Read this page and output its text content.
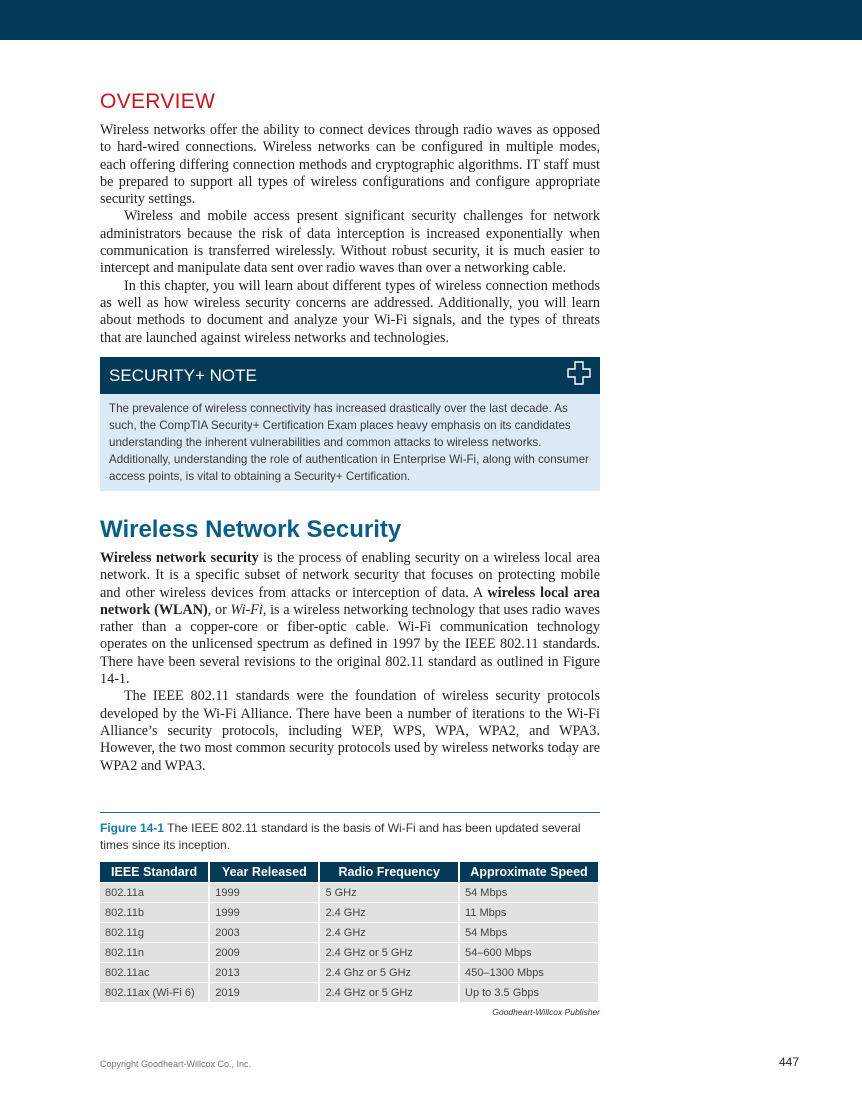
OVERVIEW

Wireless networks offer the ability to connect devices through radio waves as opposed to hard-wired connections. Wireless networks can be configured in multiple modes, each offering differing connection methods and cryptographic algorithms. IT staff must be prepared to support all types of wireless configurations and configure appropriate security settings.

Wireless and mobile access present significant security challenges for network administrators because the risk of data interception is increased exponentially when communication is transferred wirelessly. Without robust security, it is much easier to intercept and manipulate data sent over radio waves than over a networking cable.

In this chapter, you will learn about different types of wireless connection methods as well as how wireless security concerns are addressed. Additionally, you will learn about methods to document and analyze your Wi-Fi signals, and the types of threats that are launched against wireless networks and technologies.

SECURITY+ NOTE
The prevalence of wireless connectivity has increased drastically over the last decade. As such, the CompTIA Security+ Certification Exam places heavy emphasis on its candidates understanding the inherent vulnerabilities and common attacks to wireless networks. Additionally, understanding the role of authentication in Enterprise Wi-Fi, along with consumer access points, is vital to obtaining a Security+ Certification.
Wireless Network Security

Wireless network security is the process of enabling security on a wireless local area network. It is a specific subset of network security that focuses on protecting mobile and other wireless devices from attacks or interception of data. A wireless local area network (WLAN), or Wi-Fi, is a wireless networking technology that uses radio waves rather than a copper-core or fiber-optic cable. Wi-Fi communication technology operates on the unlicensed spectrum as defined in 1997 by the IEEE 802.11 standards. There have been several revisions to the original 802.11 standard as outlined in Figure 14-1.

The IEEE 802.11 standards were the foundation of wireless security protocols developed by the Wi-Fi Alliance. There have been a number of iterations to the Wi-Fi Alliance’s security protocols, including WEP, WPS, WPA, WPA2, and WPA3. However, the two most common security protocols used by wireless networks today are WPA2 and WPA3.

Figure 14-1 The IEEE 802.11 standard is the basis of Wi-Fi and has been updated several times since its inception.
IEEE Standard	Year Released	Radio Frequency	Approximate Speed
802.11a	1999	5 GHz	54 Mbps
802.11b	1999	2.4 GHz	11 Mbps
802.11g	2003	2.4 GHz	54 Mbps
802.11n	2009	2.4 GHz or 5 GHz	54–600 Mbps
802.11ac	2013	2.4 Ghz or 5 GHz	450–1300 Mbps
802.11ax (Wi-Fi 6)	2019	2.4 GHz or 5 GHz	Up to 3.5 Gbps
Goodheart-Willcox Publisher
Copyright Goodheart-Willcox Co., Inc.	447
